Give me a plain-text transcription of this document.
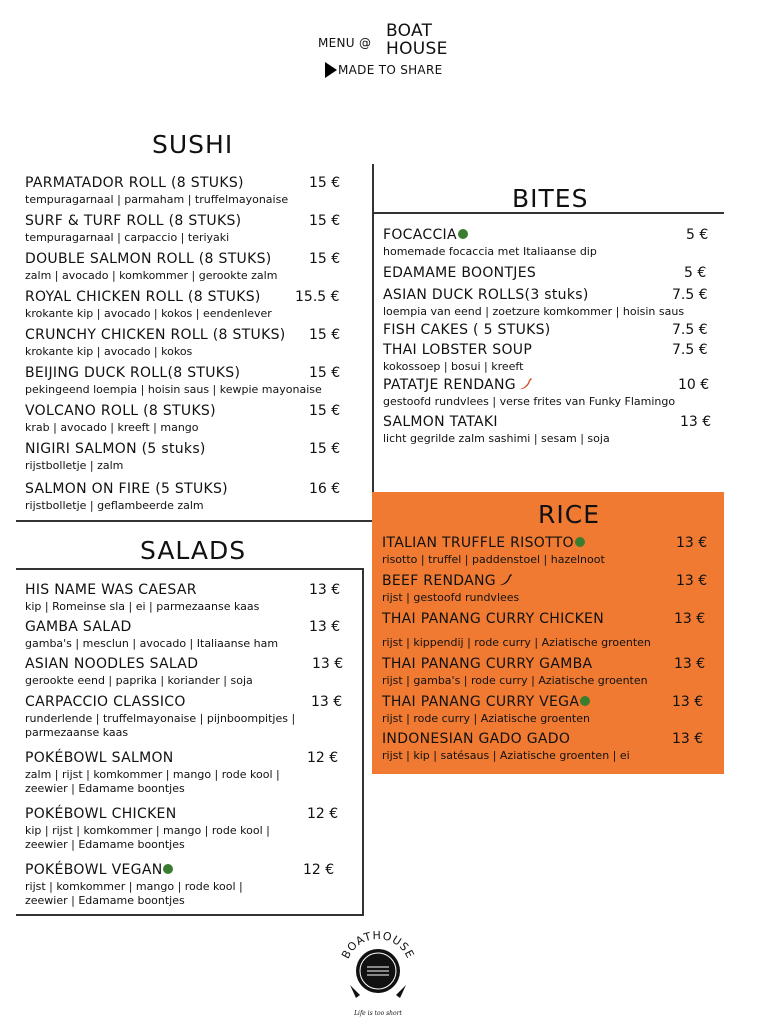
MENU @
BOAT
HOUSE
MADE TO SHARE
SUSHI
PARMATADOR ROLL (8 STUKS)
tempuragarnaal | parmaham | truffelmayonaise
15 €
SURF & TURF ROLL (8 STUKS)
tempuragarnaal | carpaccio | teriyaki
15 €
DOUBLE SALMON ROLL (8 STUKS)
zalm | avocado | komkommer | gerookte zalm
15 €
ROYAL CHICKEN ROLL (8 STUKS)
krokante kip | avocado | kokos | eendenlever
15.5 €
CRUNCHY CHICKEN ROLL (8 STUKS)
krokante kip | avocado | kokos
15 €
BEIJING DUCK ROLL(8 STUKS)
pekingeend loempia | hoisin saus | kewpie mayonaise
15 €
VOLCANO ROLL (8 STUKS)
krab | avocado | kreeft | mango
15 €
NIGIRI SALMON (5 stuks)
rijstbolletje | zalm
15 €
SALMON ON FIRE (5 STUKS)
rijstbolletje | geflambeerde zalm
16 €
SALADS
HIS NAME WAS CAESAR
kip | Romeinse sla | ei | parmezaanse kaas
13 €
GAMBA SALAD
gamba's | mesclun | avocado | Italiaanse ham
13 €
ASIAN NOODLES SALAD
gerookte eend | paprika | koriander | soja
13 €
CARPACCIO CLASSICO
runderlende | truffelmayonaise | pijnboompitjes |
parmezaanse kaas
13 €
POKÉBOWL SALMON
zalm | rijst | komkommer | mango | rode kool |
zeewier | Edamame boontjes
12 €
POKÉBOWL CHICKEN
kip | rijst | komkommer | mango | rode kool |
zeewier | Edamame boontjes
12 €
POKÉBOWL VEGAN
rijst | komkommer | mango | rode kool |
zeewier | Edamame boontjes
12 €
BITES
FOCACCIA
homemade focaccia met Italiaanse dip
5 €
EDAMAME BOONTJES	5 €
ASIAN DUCK ROLLS(3 stuks)
loempia van eend | zoetzure komkommer | hoisin saus
7.5 €
FISH CAKES ( 5 STUKS)	7.5 €
THAI LOBSTER SOUP
kokossoep | bosui | kreeft
7.5 €
PATATJE RENDANG
gestoofd rundvlees | verse frites van Funky Flamingo
10 €
SALMON TATAKI
licht gegrilde zalm sashimi | sesam | soja
13 €
RICE
ITALIAN TRUFFLE RISOTTO
risotto | truffel | paddenstoel | hazelnoot
13 €
BEEF RENDANG
rijst | gestoofd rundvlees
13 €
THAI PANANG CURRY CHICKEN
rijst | kippendij | rode curry | Aziatische groenten
13 €
THAI PANANG CURRY GAMBA
rijst | gamba's | rode curry | Aziatische groenten
13 €
THAI PANANG CURRY VEGA
rijst | rode curry | Aziatische groenten
13 €
INDONESIAN GADO GADO
rijst | kip | satésaus | Aziatische groenten | ei
13 €
BOATHOUSE
Life is too short
